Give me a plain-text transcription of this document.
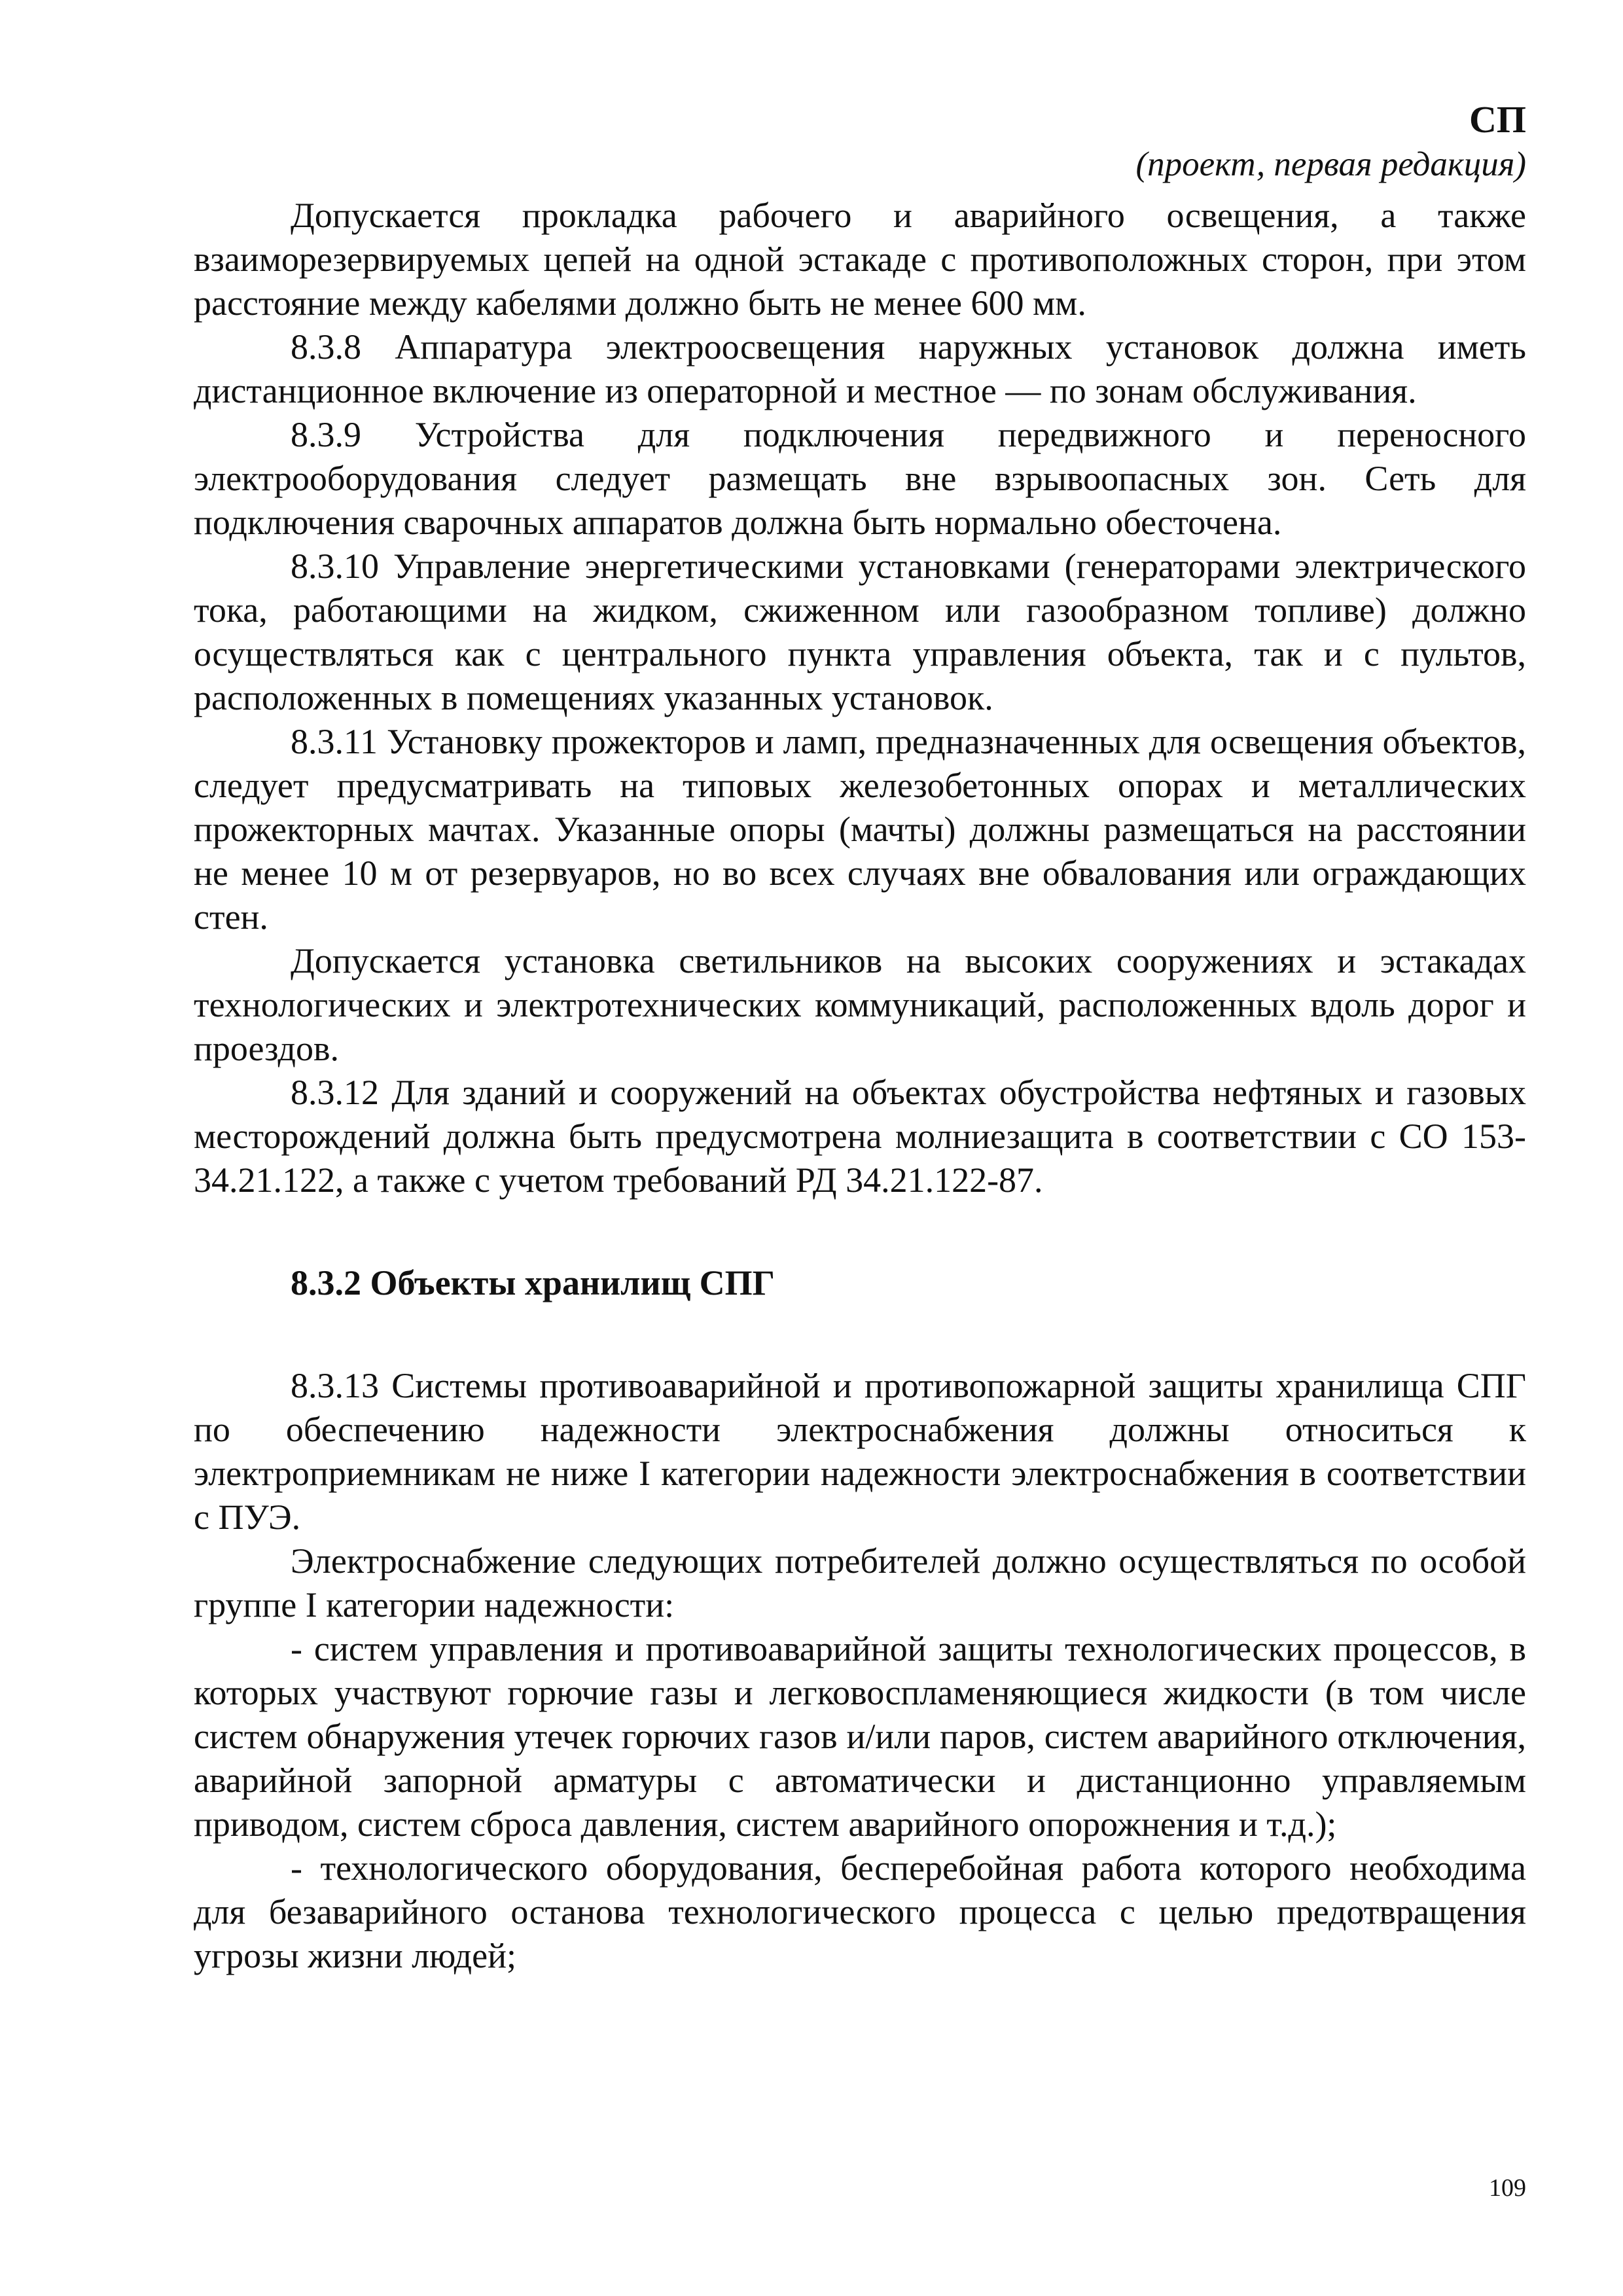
СП
(проект, первая редакция)

Допускается прокладка рабочего и аварийного освещения, а также взаиморезервируемых цепей на одной эстакаде с противоположных сторон, при этом расстояние между кабелями должно быть не менее 600 мм.

8.3.8 Аппаратура электроосвещения наружных установок должна иметь дистанционное включение из операторной и местное — по зонам обслуживания.

8.3.9 Устройства для подключения передвижного и переносного электрооборудования следует размещать вне взрывоопасных зон. Сеть для подключения сварочных аппаратов должна быть нормально обесточена.

8.3.10 Управление энергетическими установками (генераторами электрического тока, работающими на жидком, сжиженном или газообразном топливе) должно осуществляться как с центрального пункта управления объекта, так и с пультов, расположенных в помещениях указанных установок.

8.3.11 Установку прожекторов и ламп, предназначенных для освещения объектов, следует предусматривать на типовых железобетонных опорах и металлических прожекторных мачтах. Указанные опоры (мачты) должны размещаться на расстоянии не менее 10 м от резервуаров, но во всех случаях вне обвалования или ограждающих стен.

Допускается установка светильников на высоких сооружениях и эстакадах технологических и электротехнических коммуникаций, расположенных вдоль дорог и проездов.

8.3.12 Для зданий и сооружений на объектах обустройства нефтяных и газовых месторождений должна быть предусмотрена молниезащита в соответствии с СО 153-34.21.122, а также с учетом требований РД 34.21.122-87.

8.3.2 Объекты хранилищ СПГ

8.3.13 Системы противоаварийной и противопожарной защиты хранилища СПГ по обеспечению надежности электроснабжения должны относиться к электроприемникам не ниже I категории надежности электроснабжения в соответствии с ПУЭ.

Электроснабжение следующих потребителей должно осуществляться по особой группе I категории надежности:

- систем управления и противоаварийной защиты технологических процессов, в которых участвуют горючие газы и легковоспламеняющиеся жидкости (в том числе систем обнаружения утечек горючих газов и/или паров, систем аварийного отключения, аварийной запорной арматуры с автоматически и дистанционно управляемым приводом, систем сброса давления, систем аварийного опорожнения и т.д.);

- технологического оборудования, бесперебойная работа которого необходима для безаварийного останова технологического процесса с целью предотвращения угрозы жизни людей;

109
